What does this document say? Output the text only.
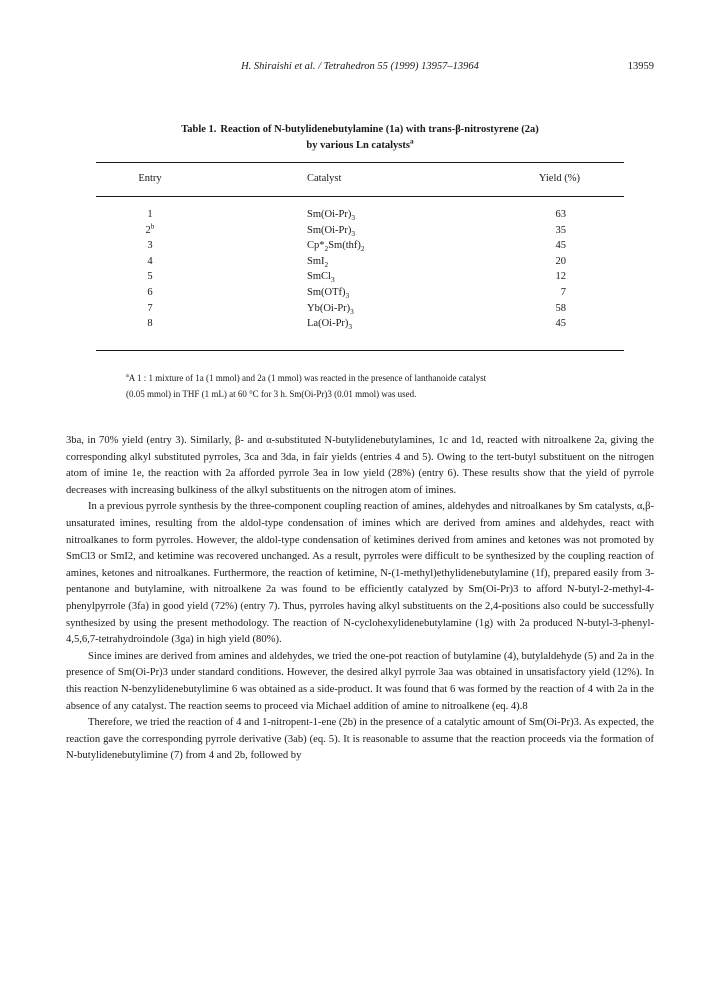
H. Shiraishi et al. / Tetrahedron 55 (1999) 13957–13964	13959
Table 1. Reaction of N-butylidenebutylamine (1a) with trans-β-nitrostyrene (2a)
by various Ln catalysts$^a$
Entry	Catalyst	Yield (%)
1	$Sm(Oi-Pr)_3$	63
2$^b$	$Sm(Oi-Pr)_3$	35
3	$Cp*_2Sm(thf)_2$	45
4	SmI$_2$	20
5	SmCl$_3$	12
6	$Sm(OTf)_3$	7
7	$Yb(Oi-Pr)_3$	58
8	$La(Oi-Pr)_3$	45
$^a$A 1 : 1 mixture of 1a (1 mmol) and 2a (1 mmol) was reacted in the presence of lanthanoide catalyst
(0.05 mmol) in THF (1 mL) at 60 °C for 3 h. Sm(Oi-Pr)3 (0.01 mmol) was used.

3ba, in 70% yield (entry 3). Similarly, β- and α-substituted N-butylidenebutylamines, 1c and 1d, reacted with nitroalkene 2a, giving the corresponding alkyl substituted pyrroles, 3ca and 3da, in fair yields (entries 4 and 5). Owing to the tert-butyl substituent on the nitrogen atom of imine 1e, the reaction with 2a afforded pyrrole 3ea in low yield (28%) (entry 6). These results show that the yield of pyrrole decreases with increasing bulkiness of the alkyl substituents on the nitrogen atom of imines.

In a previous pyrrole synthesis by the three-component coupling reaction of amines, aldehydes and nitroalkanes by Sm catalysts, α,β-unsaturated imines, resulting from the aldol-type condensation of imines which are derived from amines and aldehydes, react with nitroalkanes to form pyrroles. However, the aldol-type condensation of ketimines derived from amines and ketones was not promoted by SmCl3 or SmI2, and ketimine was recovered unchanged. As a result, pyrroles were difficult to be synthesized by the coupling reaction of amines, ketones and nitroalkanes. Furthermore, the reaction of ketimine, N-(1-methyl)ethylidenebutylamine (1f), prepared easily from 3-pentanone and butylamine, with nitroalkene 2a was found to be efficiently catalyzed by Sm(Oi-Pr)3 to afford N-butyl-2-methyl-4-phenylpyrrole (3fa) in good yield (72%) (entry 7). Thus, pyrroles having alkyl substituents on the 2,4-positions also could be successfully synthesized by using the present methodology. The reaction of N-cyclohexylidenebutylamine (1g) with 2a produced N-butyl-3-phenyl-4,5,6,7-tetrahydroindole (3ga) in high yield (80%).

Since imines are derived from amines and aldehydes, we tried the one-pot reaction of butylamine (4), butylaldehyde (5) and 2a in the presence of Sm(Oi-Pr)3 under standard conditions. However, the desired alkyl pyrrole 3aa was obtained in unsatisfactory yield (12%). In this reaction N-benzylidenebutylimine 6 was obtained as a side-product. It was found that 6 was formed by the reaction of 4 with 2a in the absence of any catalyst. The reaction seems to proceed via Michael addition of amine to nitroalkene (eq. 4).8

Therefore, we tried the reaction of 4 and 1-nitropent-1-ene (2b) in the presence of a catalytic amount of Sm(Oi-Pr)3. As expected, the reaction gave the corresponding pyrrole derivative (3ab) (eq. 5). It is reasonable to assume that the reaction proceeds via the formation of N-butylidenebutylimine (7) from 4 and 2b, followed by
